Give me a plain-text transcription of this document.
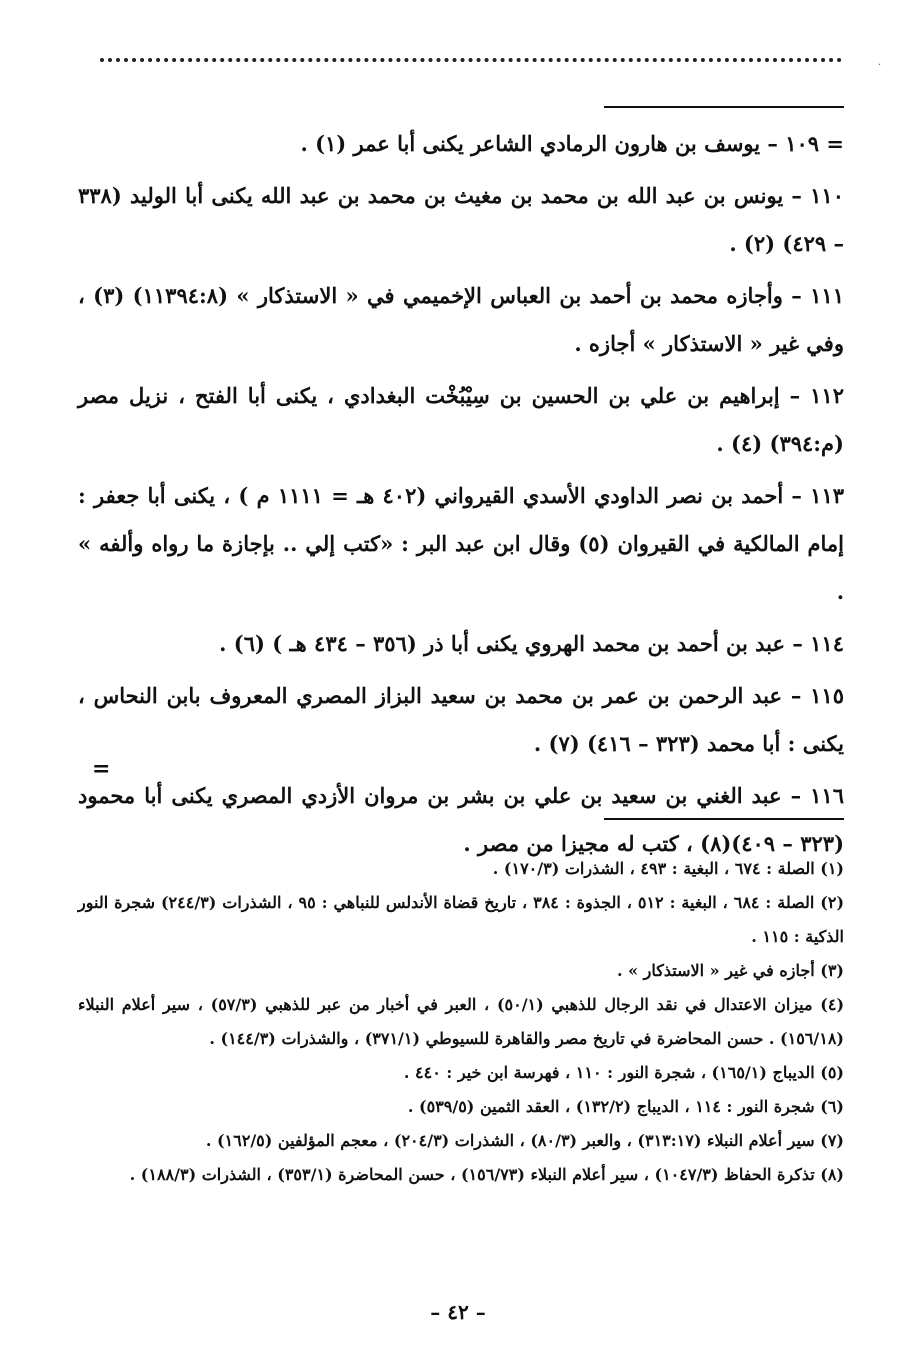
.

= ١٠٩ – يوسف بن هارون الرمادي الشاعر يكنى أبا عمر (١) .

١١٠ – يونس بن عبد الله بن محمد بن مغيث بن محمد بن عبد الله يكنى أبا الوليد (٣٣٨ – ٤٢٩) (٢) .

١١١ – وأجازه محمد بن أحمد بن العباس الإخميمي في « الاستذكار » (١١٣٩٤:٨) (٣) ، وفي غير « الاستذكار » أجازه .

١١٢ – إبراهيم بن علي بن الحسين بن سِيْبُخْت البغدادي ، يكنى أبا الفتح ، نزيل مصر (م:٣٩٤) (٤) .

١١٣ – أحمد بن نصر الداودي الأسدي القيرواني (٤٠٢ هـ = ١١١١ م ) ، يكنى أبا جعفر : إمام المالكية في القيروان (٥) وقال ابن عبد البر : «كتب إلي .. بإجازة ما رواه وألفه » .

١١٤ – عبد بن أحمد بن محمد الهروي يكنى أبا ذر (٣٥٦ – ٤٣٤ هـ ) (٦) .

١١٥ – عبد الرحمن بن عمر بن محمد بن سعيد البزاز المصري المعروف بابن النحاس ، يكنى : أبا محمد (٣٢٣ – ٤١٦) (٧) .

١١٦ – عبد الغني بن سعيد بن علي بن بشر بن مروان الأزدي المصري يكنى أبا محمود (٣٢٣ – ٤٠٩)(٨) ، كتب له مجيزا من مصر .

=

(١) الصلة : ٦٧٤ ، البغية : ٤٩٣ ، الشذرات (١٧٠/٣) .

(٢) الصلة : ٦٨٤ ، البغية : ٥١٢ ، الجذوة : ٣٨٤ ، تاريخ قضاة الأندلس للنباهي : ٩٥ ، الشذرات (٢٤٤/٣) شجرة النور الذكية : ١١٥ .

(٣) أجازه في غير « الاستذكار » .

(٤) ميزان الاعتدال في نقد الرجال للذهبي (٥٠/١) ، العبر في أخبار من عبر للذهبي (٥٧/٣) ، سير أعلام النبلاء (١٥٦/١٨) . حسن المحاضرة في تاريخ مصر والقاهرة للسيوطي (٣٧١/١) ، والشذرات (١٤٤/٣) .

(٥) الديباج (١٦٥/١) ، شجرة النور : ١١٠ ، فهرسة ابن خير : ٤٤٠ .

(٦) شجرة النور : ١١٤ ، الديباج (١٣٢/٢) ، العقد الثمين (٥٣٩/٥) .

(٧) سير أعلام النبلاء (٣١٣:١٧) ، والعبر (٨٠/٣) ، الشذرات (٢٠٤/٣) ، معجم المؤلفين (١٦٢/٥) .

(٨) تذكرة الحفاظ (١٠٤٧/٣) ، سير أعلام النبلاء (١٥٦/٧٣) ، حسن المحاضرة (٣٥٣/١) ، الشذرات (١٨٨/٣) .

– ٤٢ –
